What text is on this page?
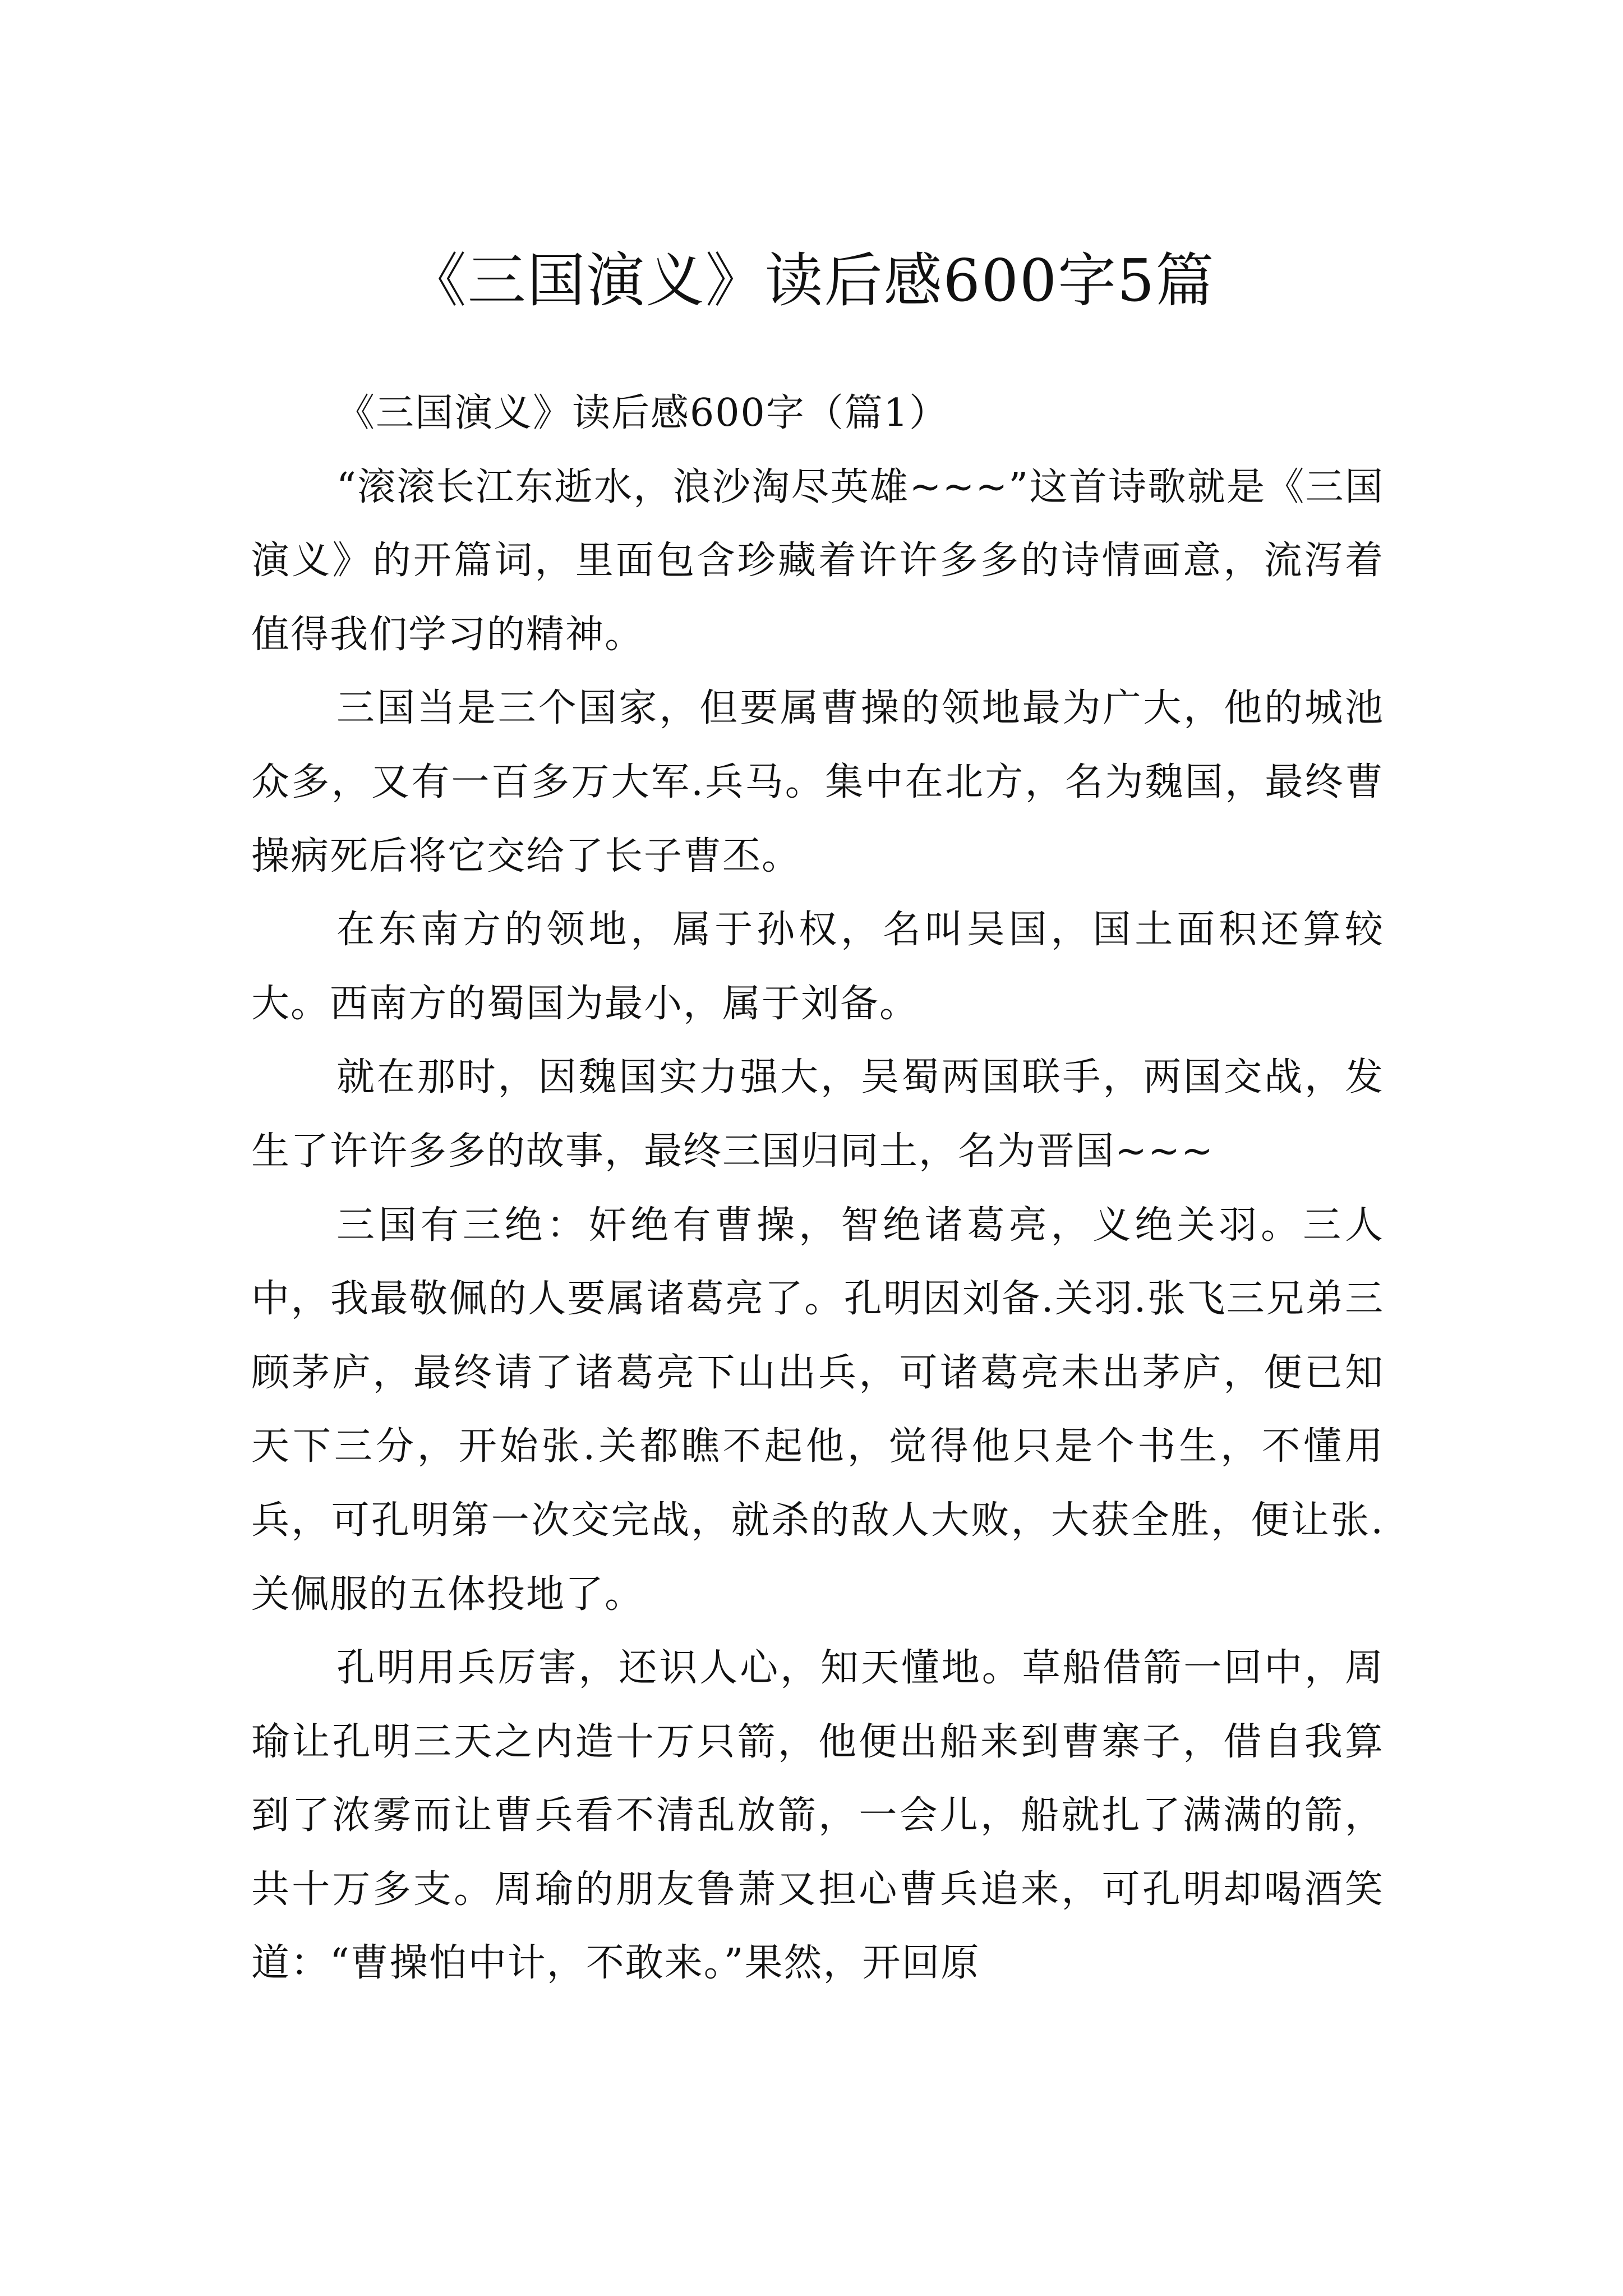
《三国演义》读后感600字5篇

《三国演义》读后感600字（篇1）

“滚滚长江东逝水，浪沙淘尽英雄~~~”这首诗歌就是《三国演义》的开篇词，里面包含珍藏着许许多多的诗情画意，流泻着值得我们学习的精神。

三国当是三个国家，但要属曹操的领地最为广大，他的城池众多，又有一百多万大军.兵马。集中在北方，名为魏国，最终曹操病死后将它交给了长子曹丕。

在东南方的领地，属于孙权，名叫吴国，国土面积还算较大。西南方的蜀国为最小，属于刘备。

就在那时，因魏国实力强大，吴蜀两国联手，两国交战，发生了许许多多的故事，最终三国归同土，名为晋国~~~

三国有三绝：奸绝有曹操，智绝诸葛亮，义绝关羽。三人中，我最敬佩的人要属诸葛亮了。孔明因刘备.关羽.张飞三兄弟三顾茅庐，最终请了诸葛亮下山出兵，可诸葛亮未出茅庐，便已知天下三分，开始张.关都瞧不起他，觉得他只是个书生，不懂用兵，可孔明第一次交完战，就杀的敌人大败，大获全胜，便让张.关佩服的五体投地了。

孔明用兵厉害，还识人心，知天懂地。草船借箭一回中，周瑜让孔明三天之内造十万只箭，他便出船来到曹寨子，借自我算到了浓雾而让曹兵看不清乱放箭，一会儿，船就扎了满满的箭，共十万多支。周瑜的朋友鲁萧又担心曹兵追来，可孔明却喝酒笑道：“曹操怕中计，不敢来。”果然，开回原
